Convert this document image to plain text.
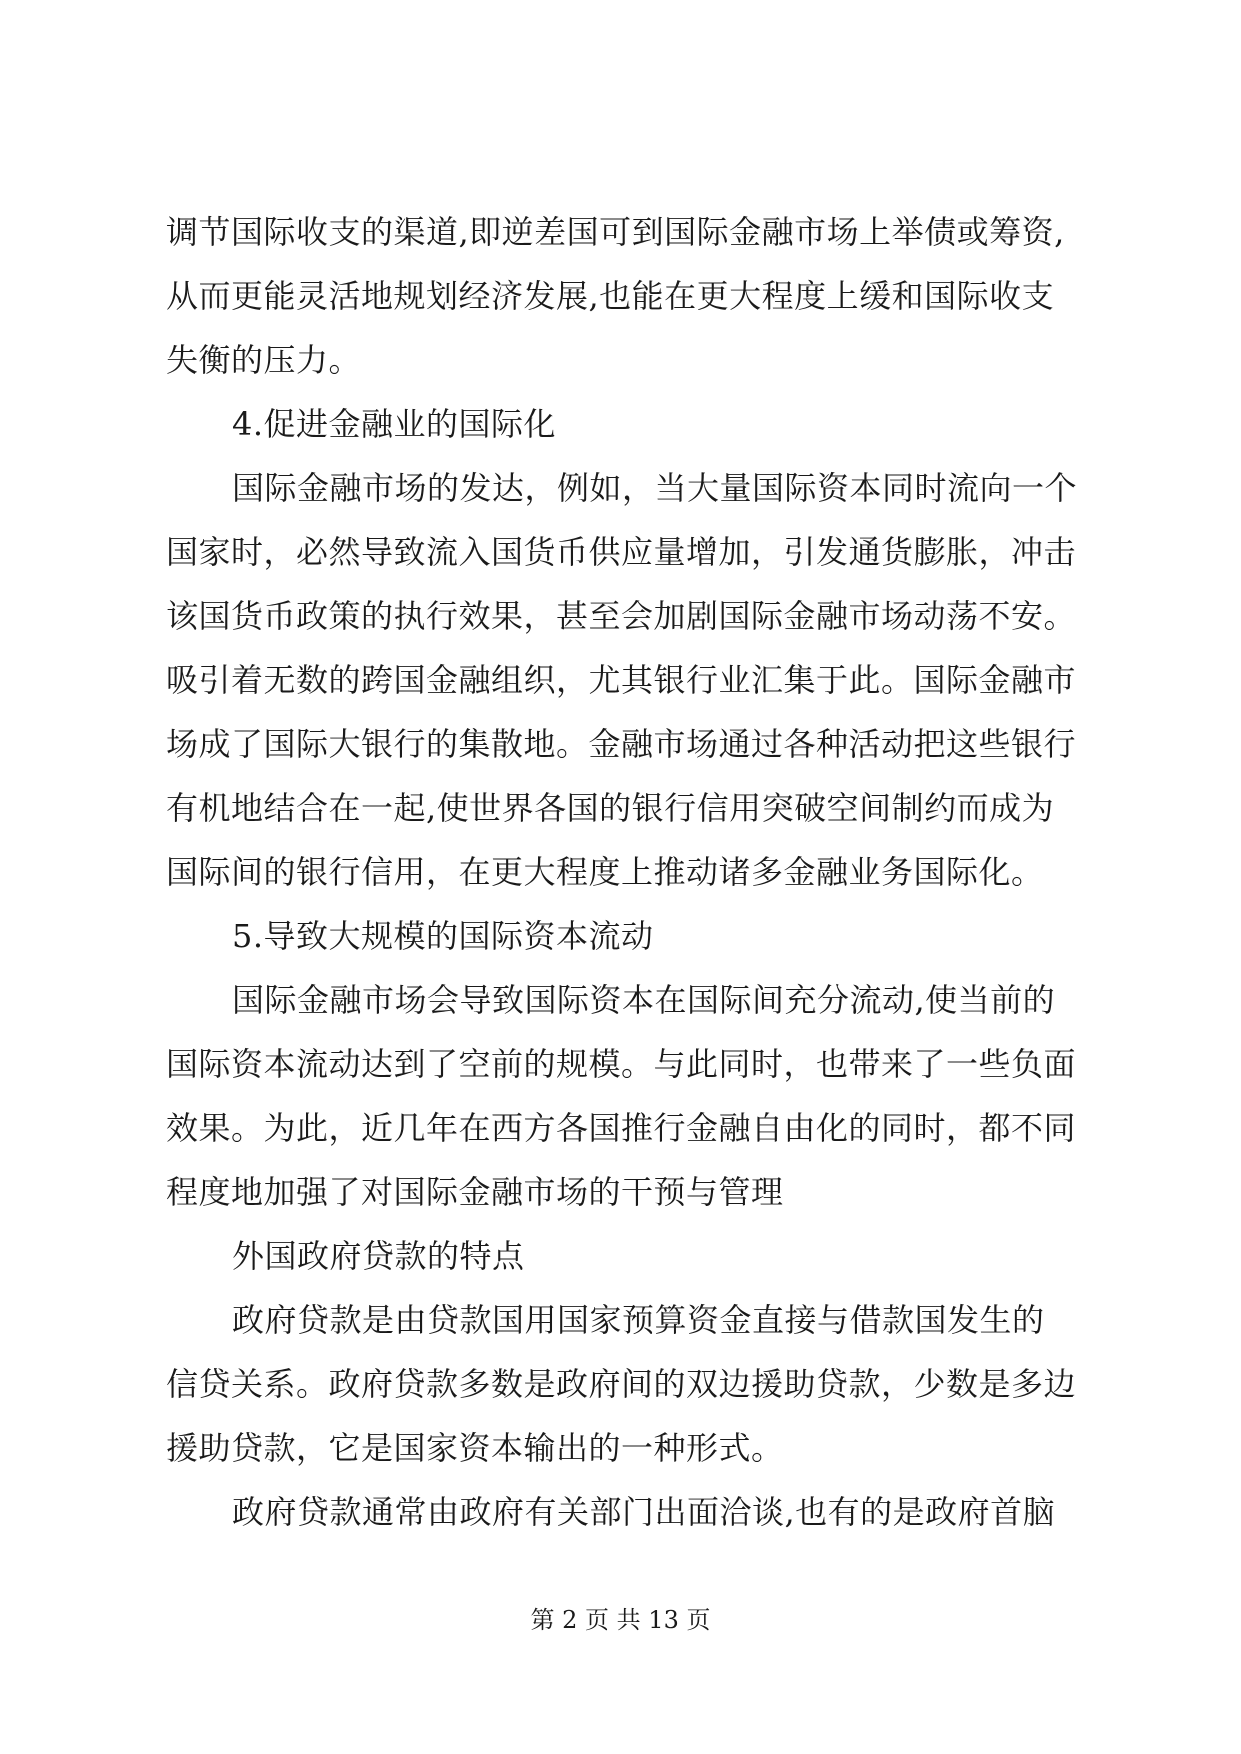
调节国际收支的渠道,即逆差国可到国际金融市场上举债或筹资,
从而更能灵活地规划经济发展,也能在更大程度上缓和国际收支
失衡的压力。
4.促进金融业的国际化
国际金融市场的发达，例如，当大量国际资本同时流向一个
国家时，必然导致流入国货币供应量增加，引发通货膨胀，冲击
该国货币政策的执行效果，甚至会加剧国际金融市场动荡不安。
吸引着无数的跨国金融组织，尤其银行业汇集于此。国际金融市
场成了国际大银行的集散地。金融市场通过各种活动把这些银行
有机地结合在一起,使世界各国的银行信用突破空间制约而成为
国际间的银行信用，在更大程度上推动诸多金融业务国际化。
5.导致大规模的国际资本流动
国际金融市场会导致国际资本在国际间充分流动,使当前的
国际资本流动达到了空前的规模。与此同时，也带来了一些负面
效果。为此，近几年在西方各国推行金融自由化的同时，都不同
程度地加强了对国际金融市场的干预与管理
外国政府贷款的特点
政府贷款是由贷款国用国家预算资金直接与借款国发生的
信贷关系。政府贷款多数是政府间的双边援助贷款，少数是多边
援助贷款，它是国家资本输出的一种形式。
政府贷款通常由政府有关部门出面洽谈,也有的是政府首脑
第 2 页 共 13 页
